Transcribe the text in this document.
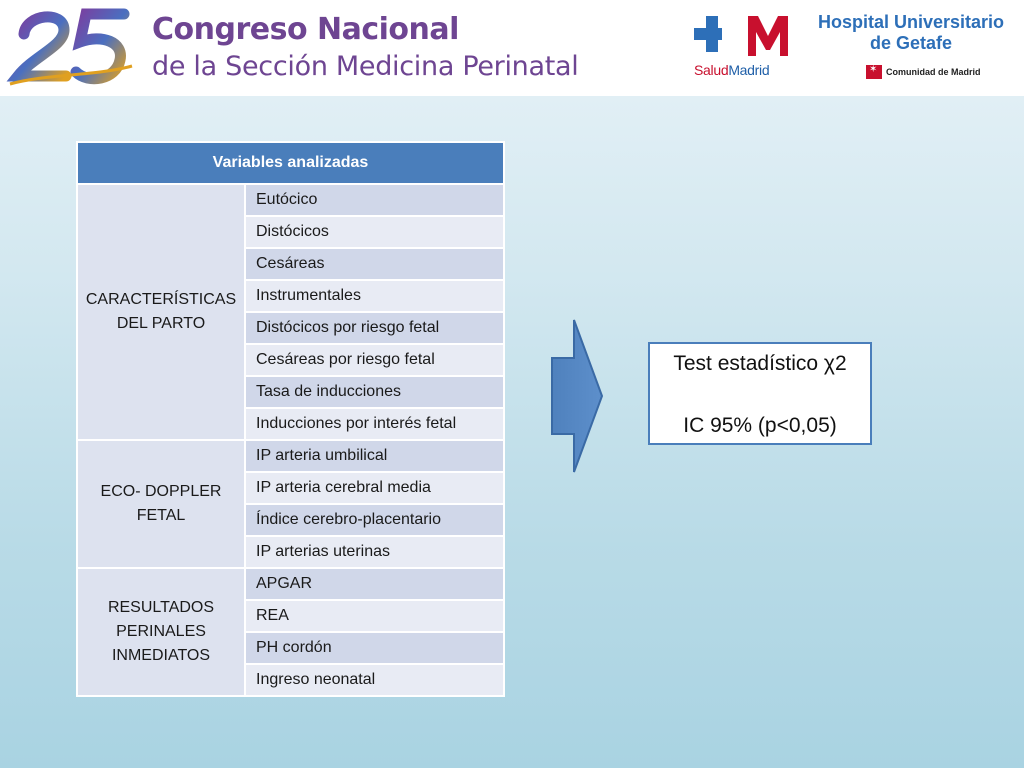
Congreso Nacional
de la Sección Medicina Perinatal	SaludMadrid
Hospital Universitario de Getafe
✶
Comunidad de Madrid
Variables analizadas	
CARACTERÍSTICAS DEL PARTO	Eutócico
	Distócicos
	Cesáreas
	Instrumentales
	Distócicos por riesgo fetal
	Cesáreas por riesgo fetal
	Tasa de inducciones
	Inducciones por interés fetal
ECO- DOPPLER FETAL	IP arteria umbilical
	IP arteria cerebral media
	Índice cerebro-placentario
	IP arterias uterinas
RESULTADOS PERINALES INMEDIATOS	APGAR
	REA
	PH cordón
	Ingreso neonatal
Test estadístico χ2
IC 95% (p<0,05)
